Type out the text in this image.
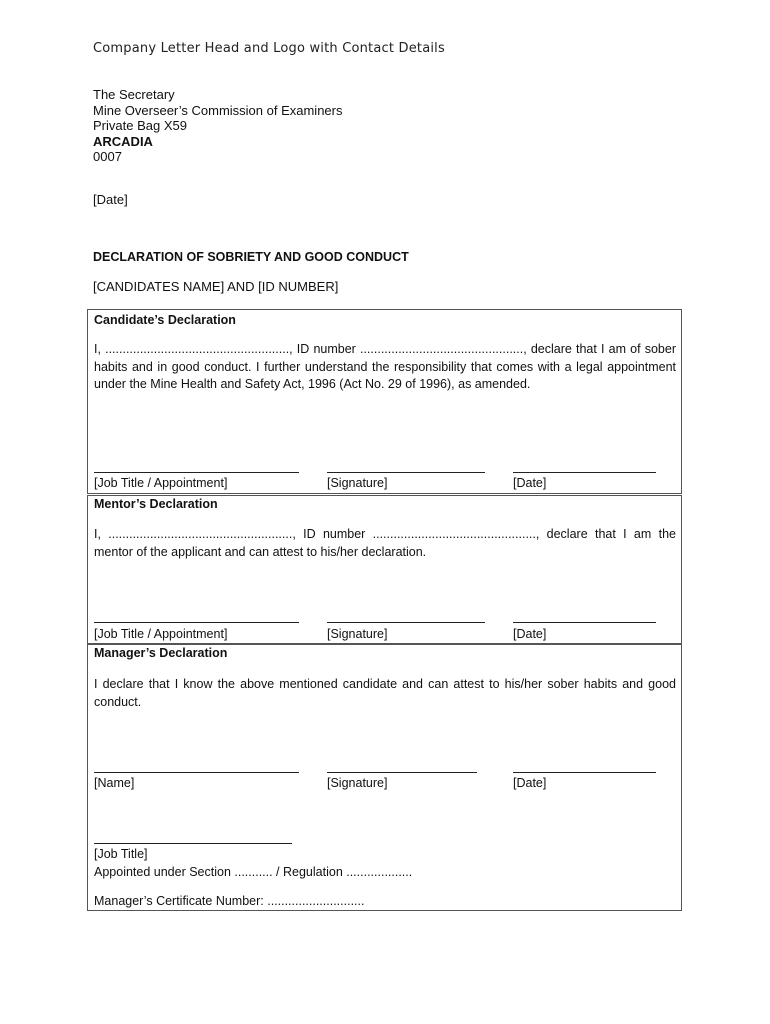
Company Letter Head and Logo with Contact Details
The Secretary
Mine Overseer’s Commission of Examiners
Private Bag X59
ARCADIA
0007
[Date]
DECLARATION OF SOBRIETY AND GOOD CONDUCT
[CANDIDATES NAME] AND [ID NUMBER]
Candidate’s Declaration
I, ....................................................., ID number ..............................................., declare that I am of sober habits and in good conduct. I further understand the responsibility that comes with a legal appointment under the Mine Health and Safety Act, 1996 (Act No. 29 of 1996), as amended.
[Job Title / Appointment]	[Signature]	[Date]
Mentor’s Declaration
I, ....................................................., ID number ..............................................., declare that I am the mentor of the applicant and can attest to his/her declaration.
[Job Title / Appointment]	[Signature]	[Date]
Manager’s Declaration
I declare that I know the above mentioned candidate and can attest to his/her sober habits and good conduct.
[Name]	[Signature]	[Date]
[Job Title]
Appointed under Section ........... / Regulation ...................
Manager’s Certificate Number: ............................
